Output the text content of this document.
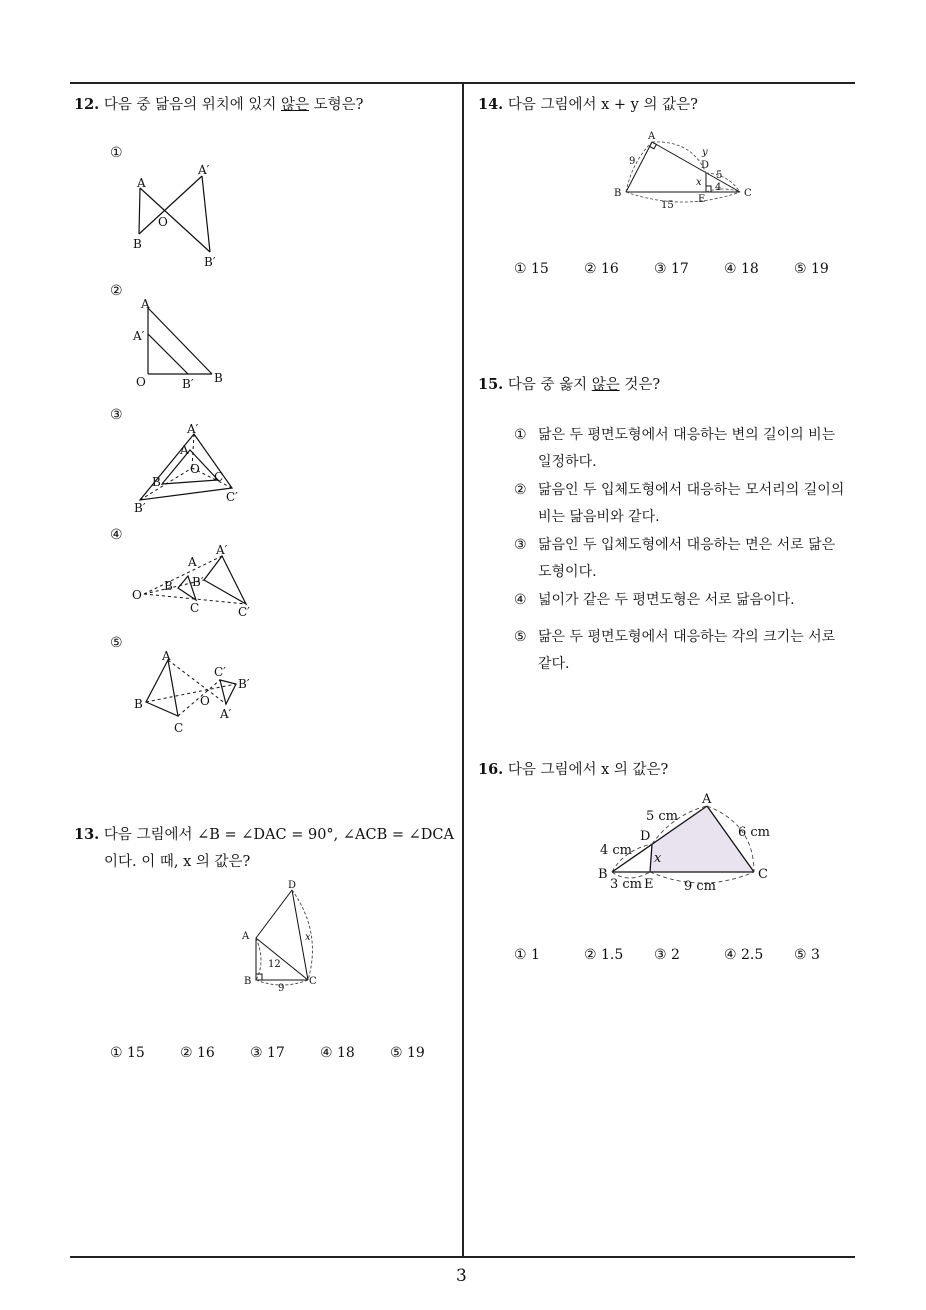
3
12. 다음 중 닮음의 위치에 있지 않은 도형은?
①
A
A′
O
B
B′
②
A
A′
O	B′ B
③
A′
A
O
B	C
B′
C′
④
A′
A
B B′
C	C′
O
⑤
A
B
C
O
C′
B′
A′
13. 다음 그림에서 ∠B = ∠DAC = 90°, ∠ACB = ∠DCA
이다. 이 때, x 의 값은?
D
A
B	C
x
12
9
① 15	② 16	③ 17	④ 18	⑤ 19
14. 다음 그림에서 x + y 의 값은?
A
B	C
D
E
x
y
9
5
4
15
① 15	② 16	③ 17	④ 18	⑤ 19
15. 다음 중 옳지 않은 것은?
① 닮은 두 평면도형에서 대응하는 변의 길이의 비는 일정하다.
② 닮음인 두 입체도형에서 대응하는 모서리의 길이의 비는 닮음비와 같다.
③ 닮음인 두 입체도형에서 대응하는 면은 서로 닮은 도형이다.
④ 넓이가 같은 두 평면도형은 서로 닮음이다.
⑤ 닮은 두 평면도형에서 대응하는 각의 크기는 서로 같다.
16. 다음 그림에서 x 의 값은?
A
B	C
D
E
x
5 cm
4 cm
6 cm
3 cm	9 cm
① 1	② 1.5 ③ 2	④ 2.5 ⑤ 3
